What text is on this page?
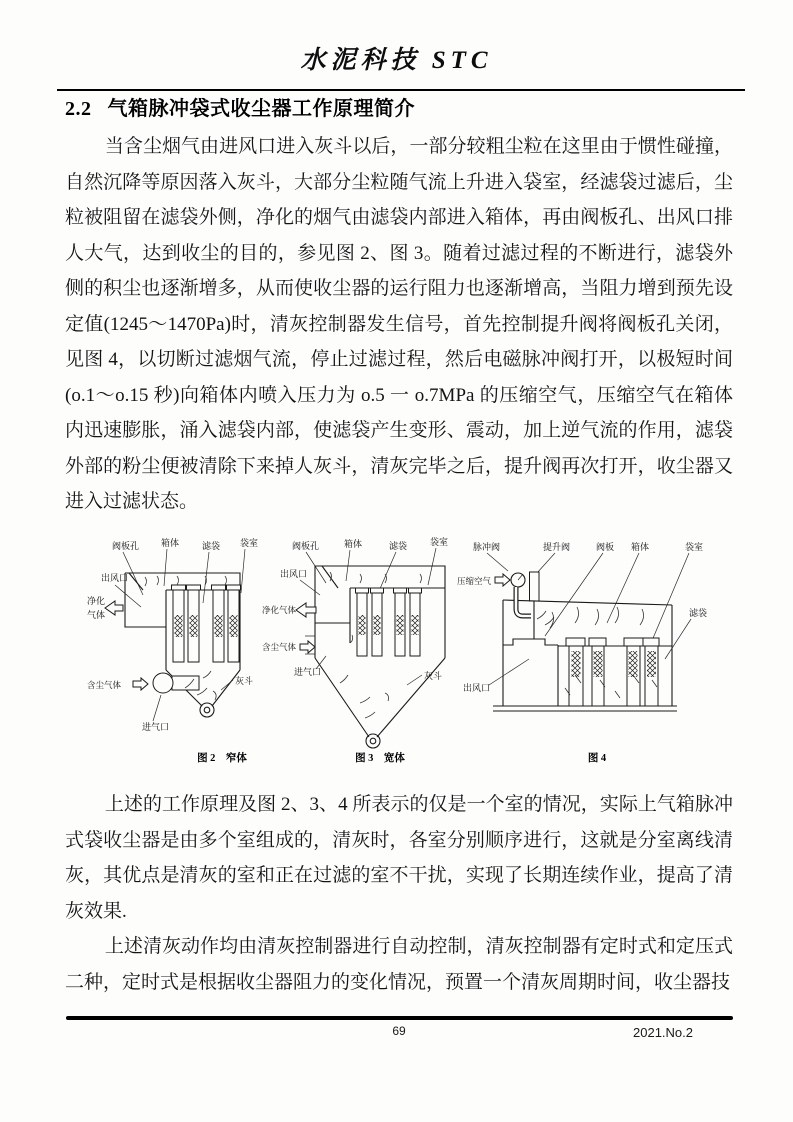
水泥科技 STC
2.2 气箱脉冲袋式收尘器工作原理简介

当含尘烟气由进风口进入灰斗以后，一部分较粗尘粒在这里由于惯性碰撞，自然沉降等原因落入灰斗，大部分尘粒随气流上升进入袋室，经滤袋过滤后，尘粒被阻留在滤袋外侧，净化的烟气由滤袋内部进入箱体，再由阀板孔、出风口排人大气，达到收尘的目的，参见图 2、图 3。随着过滤过程的不断进行，滤袋外侧的积尘也逐渐增多，从而使收尘器的运行阻力也逐渐增高，当阻力增到预先设定值(1245～1470Pa)时，清灰控制器发生信号，首先控制提升阀将阀板孔关闭，见图 4，以切断过滤烟气流，停止过滤过程，然后电磁脉冲阀打开，以极短时间(o.1～o.15 秒)向箱体内喷入压力为 o.5 一 o.7MPa 的压缩空气，压缩空气在箱体内迅速膨胀，涌入滤袋内部，使滤袋产生变形、震动，加上逆气流的作用，滤袋外部的粉尘便被清除下来掉人灰斗，清灰完毕之后，提升阀再次打开，收尘器又进入过滤状态。

阀板孔 箱体	滤袋 袋室
出风口
净化
气体
含尘气体
进气口
灰斗
图 2　窄体
阀板孔	箱体	滤袋	袋室
出风口
净化气体
含尘气体
进气口	灰斗
图 3　宽体
脉冲阀	提升阀	阀板 箱体	袋室
压缩空气
滤袋
出风口
图 4

上述的工作原理及图 2、3、4 所表示的仅是一个室的情况，实际上气箱脉冲式袋收尘器是由多个室组成的，清灰时，各室分别顺序进行，这就是分室离线清灰，其优点是清灰的室和正在过滤的室不干扰，实现了长期连续作业，提高了清灰效果.

上述清灰动作均由清灰控制器进行自动控制，清灰控制器有定时式和定压式二种，定时式是根据收尘器阻力的变化情况，预置一个清灰周期时间，收尘器技

69	2021.No.2
